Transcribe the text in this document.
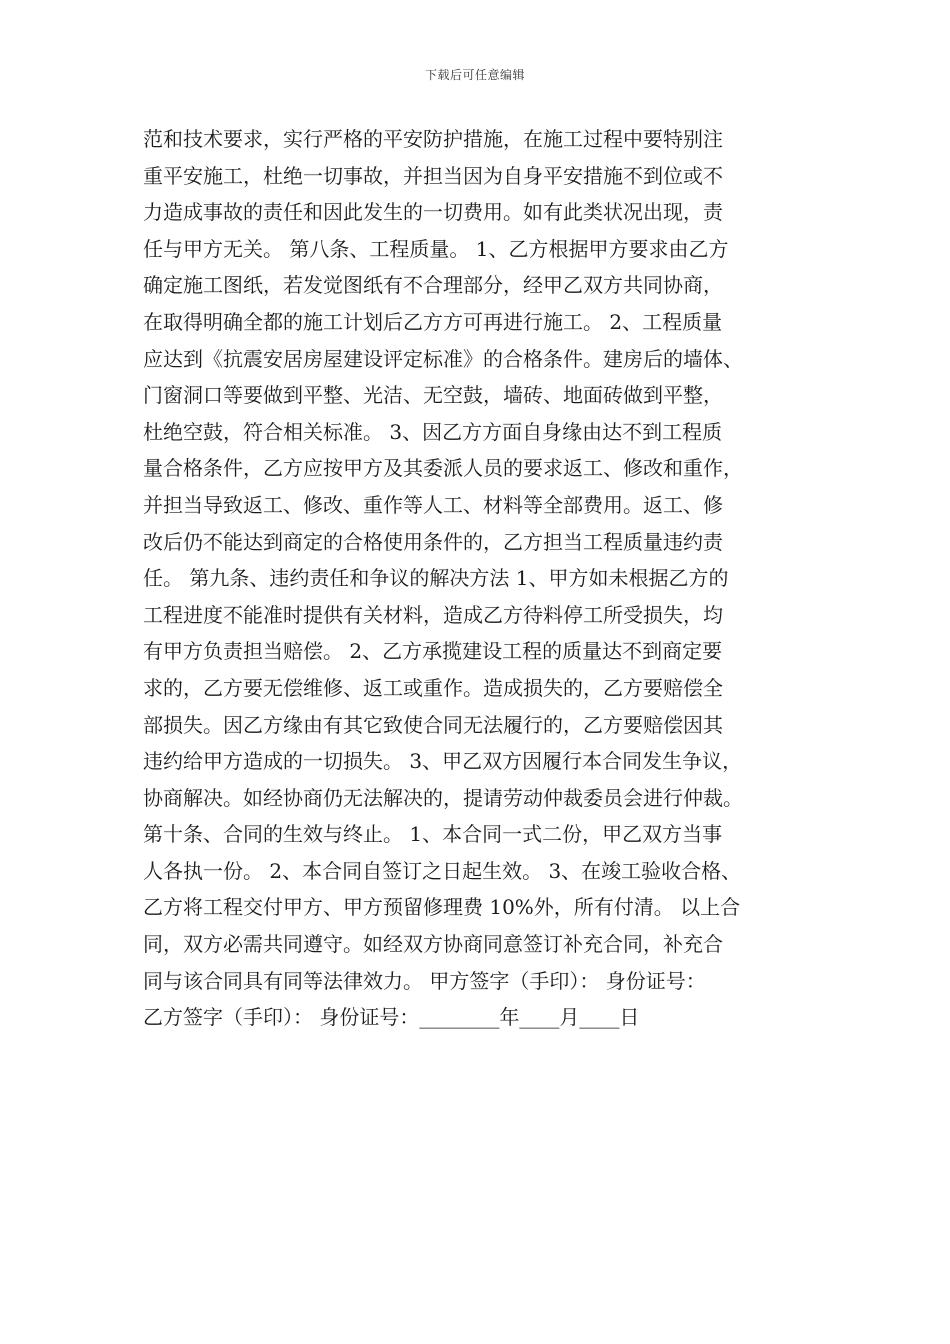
下载后可任意编辑
范和技术要求，实行严格的平安防护措施，在施工过程中要特别注
重平安施工，杜绝一切事故，并担当因为自身平安措施不到位或不
力造成事故的责任和因此发生的一切费用。如有此类状况出现，责
任与甲方无关。 第八条、工程质量。 1、乙方根据甲方要求由乙方
确定施工图纸，若发觉图纸有不合理部分，经甲乙双方共同协商，
在取得明确全都的施工计划后乙方方可再进行施工。 2、工程质量
应达到《抗震安居房屋建设评定标准》的合格条件。建房后的墙体、
门窗洞口等要做到平整、光洁、无空鼓，墙砖、地面砖做到平整，
杜绝空鼓，符合相关标准。 3、因乙方方面自身缘由达不到工程质
量合格条件，乙方应按甲方及其委派人员的要求返工、修改和重作，
并担当导致返工、修改、重作等人工、材料等全部费用。返工、修
改后仍不能达到商定的合格使用条件的，乙方担当工程质量违约责
任。 第九条、违约责任和争议的解决方法 1、甲方如未根据乙方的
工程进度不能准时提供有关材料，造成乙方待料停工所受损失，均
有甲方负责担当赔偿。 2、乙方承揽建设工程的质量达不到商定要
求的，乙方要无偿维修、返工或重作。造成损失的，乙方要赔偿全
部损失。因乙方缘由有其它致使合同无法履行的，乙方要赔偿因其
违约给甲方造成的一切损失。 3、甲乙双方因履行本合同发生争议，
协商解决。如经协商仍无法解决的，提请劳动仲裁委员会进行仲裁。
第十条、合同的生效与终止。 1、本合同一式二份，甲乙双方当事
人各执一份。 2、本合同自签订之日起生效。 3、在竣工验收合格、
乙方将工程交付甲方、甲方预留修理费 10%外，所有付清。 以上合
同，双方必需共同遵守。如经双方协商同意签订补充合同，补充合
同与该合同具有同等法律效力。 甲方签字（手印）： 身份证号：
乙方签字（手印）： 身份证号：________年____月____日
